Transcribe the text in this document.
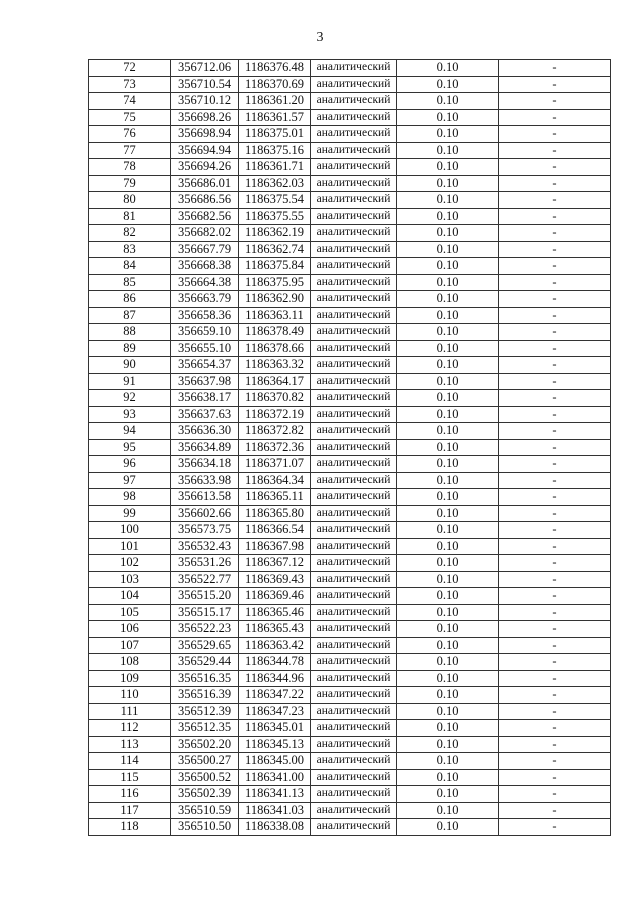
3
72	356712.06	1186376.48	аналитический	0.10	-
73	356710.54	1186370.69	аналитический	0.10	-
74	356710.12	1186361.20	аналитический	0.10	-
75	356698.26	1186361.57	аналитический	0.10	-
76	356698.94	1186375.01	аналитический	0.10	-
77	356694.94	1186375.16	аналитический	0.10	-
78	356694.26	1186361.71	аналитический	0.10	-
79	356686.01	1186362.03	аналитический	0.10	-
80	356686.56	1186375.54	аналитический	0.10	-
81	356682.56	1186375.55	аналитический	0.10	-
82	356682.02	1186362.19	аналитический	0.10	-
83	356667.79	1186362.74	аналитический	0.10	-
84	356668.38	1186375.84	аналитический	0.10	-
85	356664.38	1186375.95	аналитический	0.10	-
86	356663.79	1186362.90	аналитический	0.10	-
87	356658.36	1186363.11	аналитический	0.10	-
88	356659.10	1186378.49	аналитический	0.10	-
89	356655.10	1186378.66	аналитический	0.10	-
90	356654.37	1186363.32	аналитический	0.10	-
91	356637.98	1186364.17	аналитический	0.10	-
92	356638.17	1186370.82	аналитический	0.10	-
93	356637.63	1186372.19	аналитический	0.10	-
94	356636.30	1186372.82	аналитический	0.10	-
95	356634.89	1186372.36	аналитический	0.10	-
96	356634.18	1186371.07	аналитический	0.10	-
97	356633.98	1186364.34	аналитический	0.10	-
98	356613.58	1186365.11	аналитический	0.10	-
99	356602.66	1186365.80	аналитический	0.10	-
100	356573.75	1186366.54	аналитический	0.10	-
101	356532.43	1186367.98	аналитический	0.10	-
102	356531.26	1186367.12	аналитический	0.10	-
103	356522.77	1186369.43	аналитический	0.10	-
104	356515.20	1186369.46	аналитический	0.10	-
105	356515.17	1186365.46	аналитический	0.10	-
106	356522.23	1186365.43	аналитический	0.10	-
107	356529.65	1186363.42	аналитический	0.10	-
108	356529.44	1186344.78	аналитический	0.10	-
109	356516.35	1186344.96	аналитический	0.10	-
110	356516.39	1186347.22	аналитический	0.10	-
111	356512.39	1186347.23	аналитический	0.10	-
112	356512.35	1186345.01	аналитический	0.10	-
113	356502.20	1186345.13	аналитический	0.10	-
114	356500.27	1186345.00	аналитический	0.10	-
115	356500.52	1186341.00	аналитический	0.10	-
116	356502.39	1186341.13	аналитический	0.10	-
117	356510.59	1186341.03	аналитический	0.10	-
118	356510.50	1186338.08	аналитический	0.10	-
